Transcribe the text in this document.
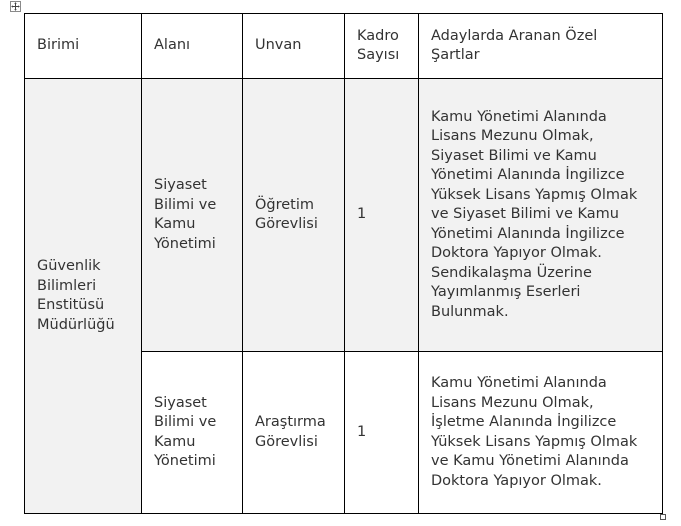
Birimi	Alanı	Unvan	Kadro Sayısı	Adaylarda Aranan Özel Şartlar
Güvenlik Bilimleri Enstitüsü Müdürlüğü	Siyaset Bilimi ve Kamu Yönetimi	Öğretim Görevlisi	1	Kamu Yönetimi Alanında Lisans Mezunu Olmak, Siyaset Bilimi ve Kamu Yönetimi Alanında İngilizce Yüksek Lisans Yapmış Olmak ve Siyaset Bilimi ve Kamu Yönetimi Alanında İngilizce Doktora Yapıyor Olmak. Sendikalaşma Üzerine Yayımlanmış Eserleri Bulunmak.
	Siyaset Bilimi ve Kamu Yönetimi	Araştırma Görevlisi	1	Kamu Yönetimi Alanında Lisans Mezunu Olmak, İşletme Alanında İngilizce Yüksek Lisans Yapmış Olmak ve Kamu Yönetimi Alanında Doktora Yapıyor Olmak.
